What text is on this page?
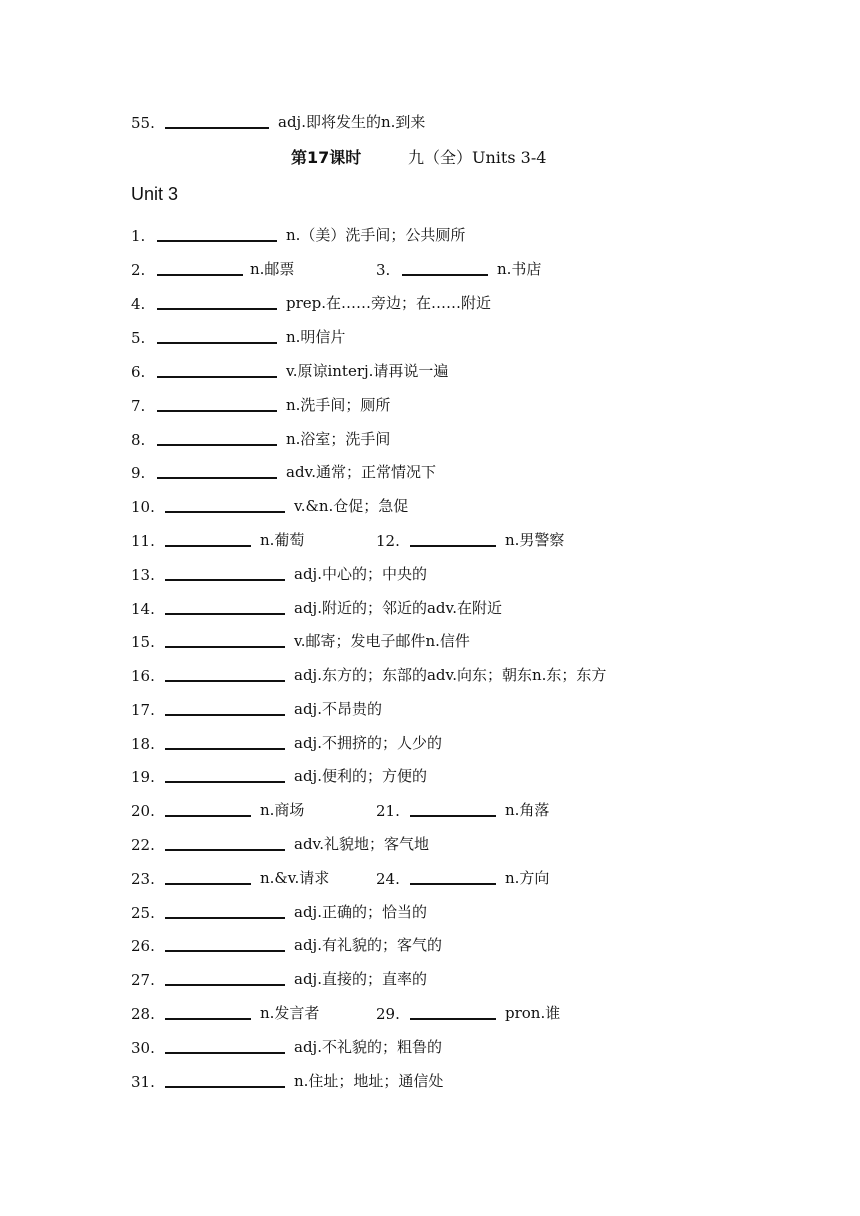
55.	adj.即将发生的n.到来
第17课时	九（全）Units 3-4
Unit 3
1.	n.（美）洗手间；公共厕所
2.	n.邮票	3.	n.书店
4.	prep.在……旁边；在……附近
5.	n.明信片
6.	v.原谅interj.请再说一遍
7.	n.洗手间；厕所
8.	n.浴室；洗手间
9.	adv.通常；正常情况下
10.	v.&n.仓促；急促
11.	n.葡萄	12.	n.男警察
13.	adj.中心的；中央的
14.	adj.附近的；邻近的adv.在附近
15.	v.邮寄；发电子邮件n.信件
16.	adj.东方的；东部的adv.向东；朝东n.东；东方
17.	adj.不昂贵的
18.	adj.不拥挤的；人少的
19.	adj.便利的；方便的
20.	n.商场	21.	n.角落
22.	adv.礼貌地；客气地
23.	n.&v.请求	24.	n.方向
25.	adj.正确的；恰当的
26.	adj.有礼貌的；客气的
27.	adj.直接的；直率的
28.	n.发言者	29.	pron.谁
30.	adj.不礼貌的；粗鲁的
31.	n.住址；地址；通信处
